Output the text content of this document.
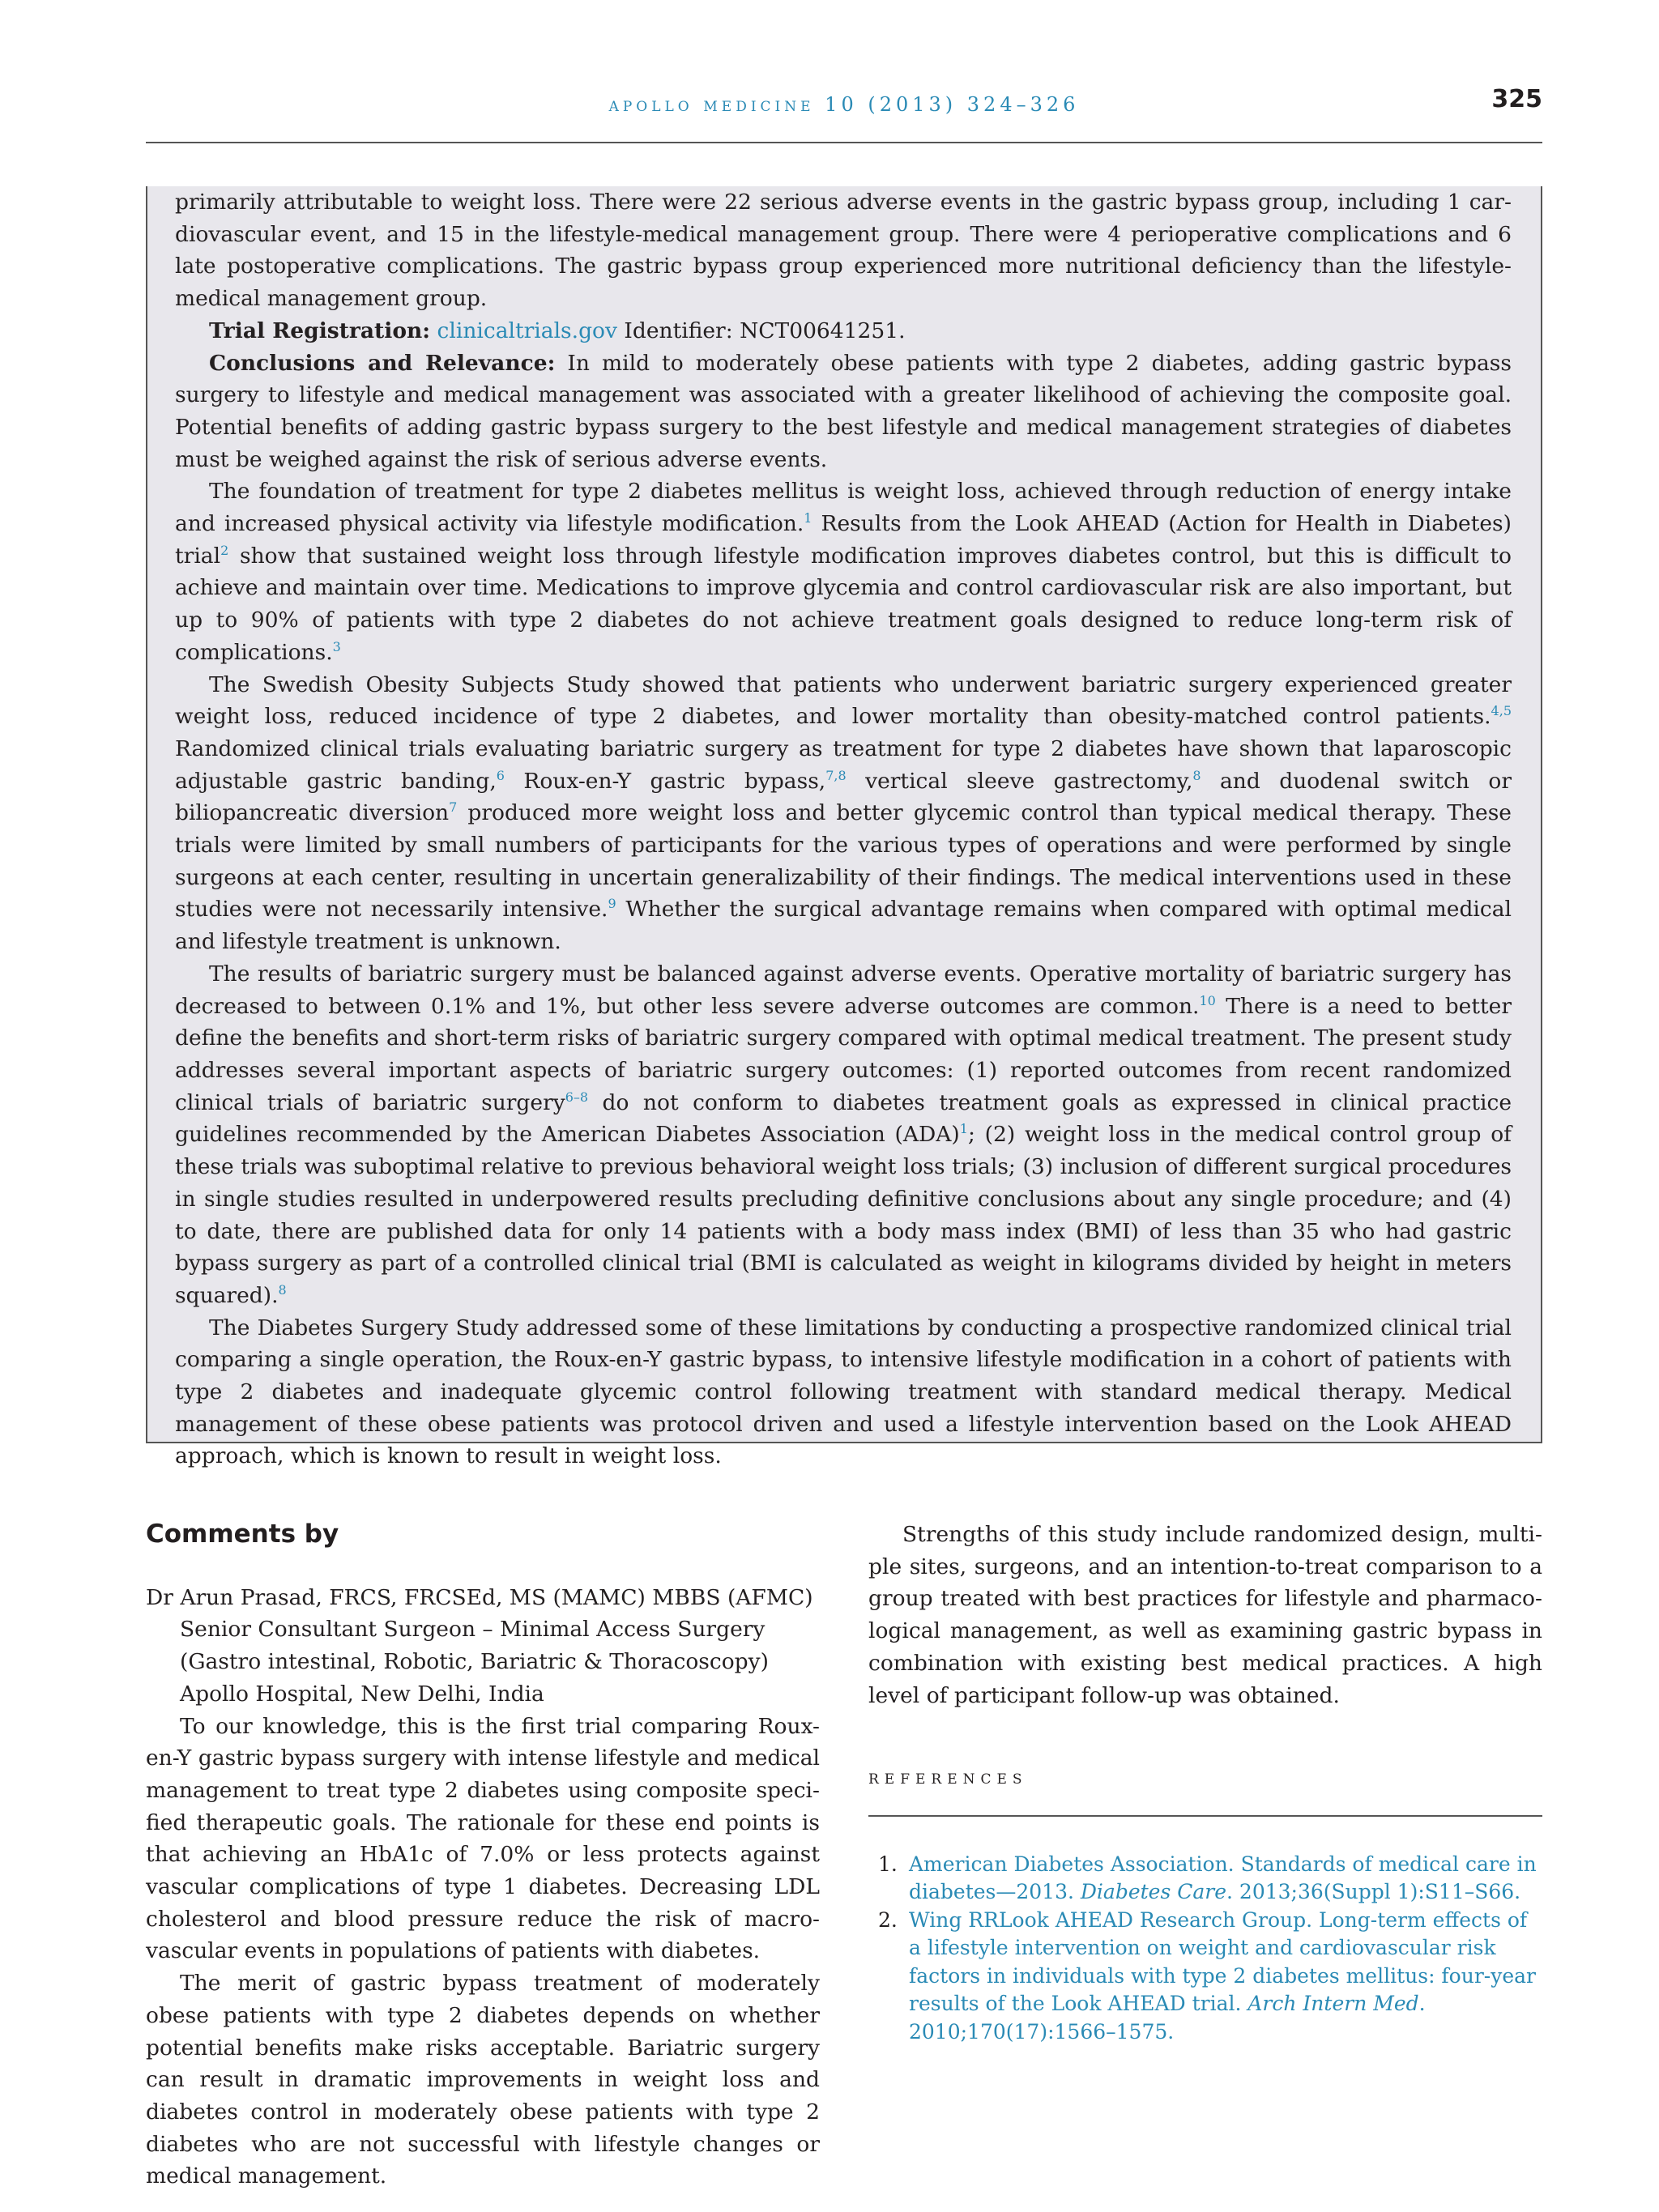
apollo medicine 10 (2013) 324–326	325

primarily attributable to weight loss. There were 22 serious adverse events in the gastric bypass group, including 1 cardiovascular event, and 15 in the lifestyle-medical management group. There were 4 perioperative complications and 6 late postoperative complications. The gastric bypass group experienced more nutritional deficiency than the lifestyle-medical management group.

Trial Registration: clinicaltrials.gov Identifier: NCT00641251.

Conclusions and Relevance: In mild to moderately obese patients with type 2 diabetes, adding gastric bypass surgery to lifestyle and medical management was associated with a greater likelihood of achieving the composite goal. Potential benefits of adding gastric bypass surgery to the best lifestyle and medical management strategies of diabetes must be weighed against the risk of serious adverse events.

The foundation of treatment for type 2 diabetes mellitus is weight loss, achieved through reduction of energy intake and increased physical activity via lifestyle modification.$^1$ Results from the Look AHEAD (Action for Health in Diabetes) trial$^2$ show that sustained weight loss through lifestyle modification improves diabetes control, but this is difficult to achieve and maintain over time. Medications to improve glycemia and control cardiovascular risk are also important, but up to 90% of patients with type 2 diabetes do not achieve treatment goals designed to reduce long-term risk of complications.$^3$

The Swedish Obesity Subjects Study showed that patients who underwent bariatric surgery experienced greater weight loss, reduced incidence of type 2 diabetes, and lower mortality than obesity-matched control patients.$^{4,5}$ Randomized clinical trials evaluating bariatric surgery as treatment for type 2 diabetes have shown that laparoscopic adjustable gastric banding,$^6$ Roux-en-Y gastric bypass,$^{7,8}$ vertical sleeve gastrectomy,$^8$ and duodenal switch or biliopancreatic diversion$^7$ produced more weight loss and better glycemic control than typical medical therapy. These trials were limited by small numbers of participants for the various types of operations and were performed by single surgeons at each center, resulting in uncertain generalizability of their findings. The medical interventions used in these studies were not necessarily intensive.$^9$ Whether the surgical advantage remains when compared with optimal medical and lifestyle treatment is unknown.

The results of bariatric surgery must be balanced against adverse events. Operative mortality of bariatric surgery has decreased to between 0.1% and 1%, but other less severe adverse outcomes are common.$^{10}$ There is a need to better define the benefits and short-term risks of bariatric surgery compared with optimal medical treatment. The present study addresses several important aspects of bariatric surgery outcomes: (1) reported outcomes from recent randomized clinical trials of bariatric surgery$^{6-8}$ do not conform to diabetes treatment goals as expressed in clinical practice guidelines recommended by the American Diabetes Association (ADA)$^1$; (2) weight loss in the medical control group of these trials was suboptimal relative to previous behavioral weight loss trials; (3) inclusion of different surgical procedures in single studies resulted in underpowered results precluding definitive conclusions about any single procedure; and (4) to date, there are published data for only 14 patients with a body mass index (BMI) of less than 35 who had gastric bypass surgery as part of a controlled clinical trial (BMI is calculated as weight in kilograms divided by height in meters squared).$^8$

The Diabetes Surgery Study addressed some of these limitations by conducting a prospective randomized clinical trial comparing a single operation, the Roux-en-Y gastric bypass, to intensive lifestyle modification in a cohort of patients with type 2 diabetes and inadequate glycemic control following treatment with standard medical therapy. Medical management of these obese patients was protocol driven and used a lifestyle intervention based on the Look AHEAD approach, which is known to result in weight loss.

Comments by

Dr Arun Prasad, FRCS, FRCSEd, MS (MAMC) MBBS (AFMC)
Senior Consultant Surgeon – Minimal Access Surgery
(Gastro intestinal, Robotic, Bariatric & Thoracoscopy)
Apollo Hospital, New Delhi, India

To our knowledge, this is the first trial comparing Roux-en-Y gastric bypass surgery with intense lifestyle and medical management to treat type 2 diabetes using composite specified therapeutic goals. The rationale for these end points is that achieving an HbA1c of 7.0% or less protects against vascular complications of type 1 diabetes. Decreasing LDL cholesterol and blood pressure reduce the risk of macrovascular events in populations of patients with diabetes.

The merit of gastric bypass treatment of moderately obese patients with type 2 diabetes depends on whether potential benefits make risks acceptable. Bariatric surgery can result in dramatic improvements in weight loss and diabetes control in moderately obese patients with type 2 diabetes who are not successful with lifestyle changes or medical management.

Strengths of this study include randomized design, multiple sites, surgeons, and an intention-to-treat comparison to a group treated with best practices for lifestyle and pharmacological management, as well as examining gastric bypass in combination with existing best medical practices. A high level of participant follow-up was obtained.

references

1. American Diabetes Association. Standards of medical care in diabetes—2013. Diabetes Care. 2013;36(Suppl 1):S11–S66.
2. Wing RRLook AHEAD Research Group. Long-term effects of a lifestyle intervention on weight and cardiovascular risk factors in individuals with type 2 diabetes mellitus: four-year results of the Look AHEAD trial. Arch Intern Med. 2010;170(17):1566–1575.
